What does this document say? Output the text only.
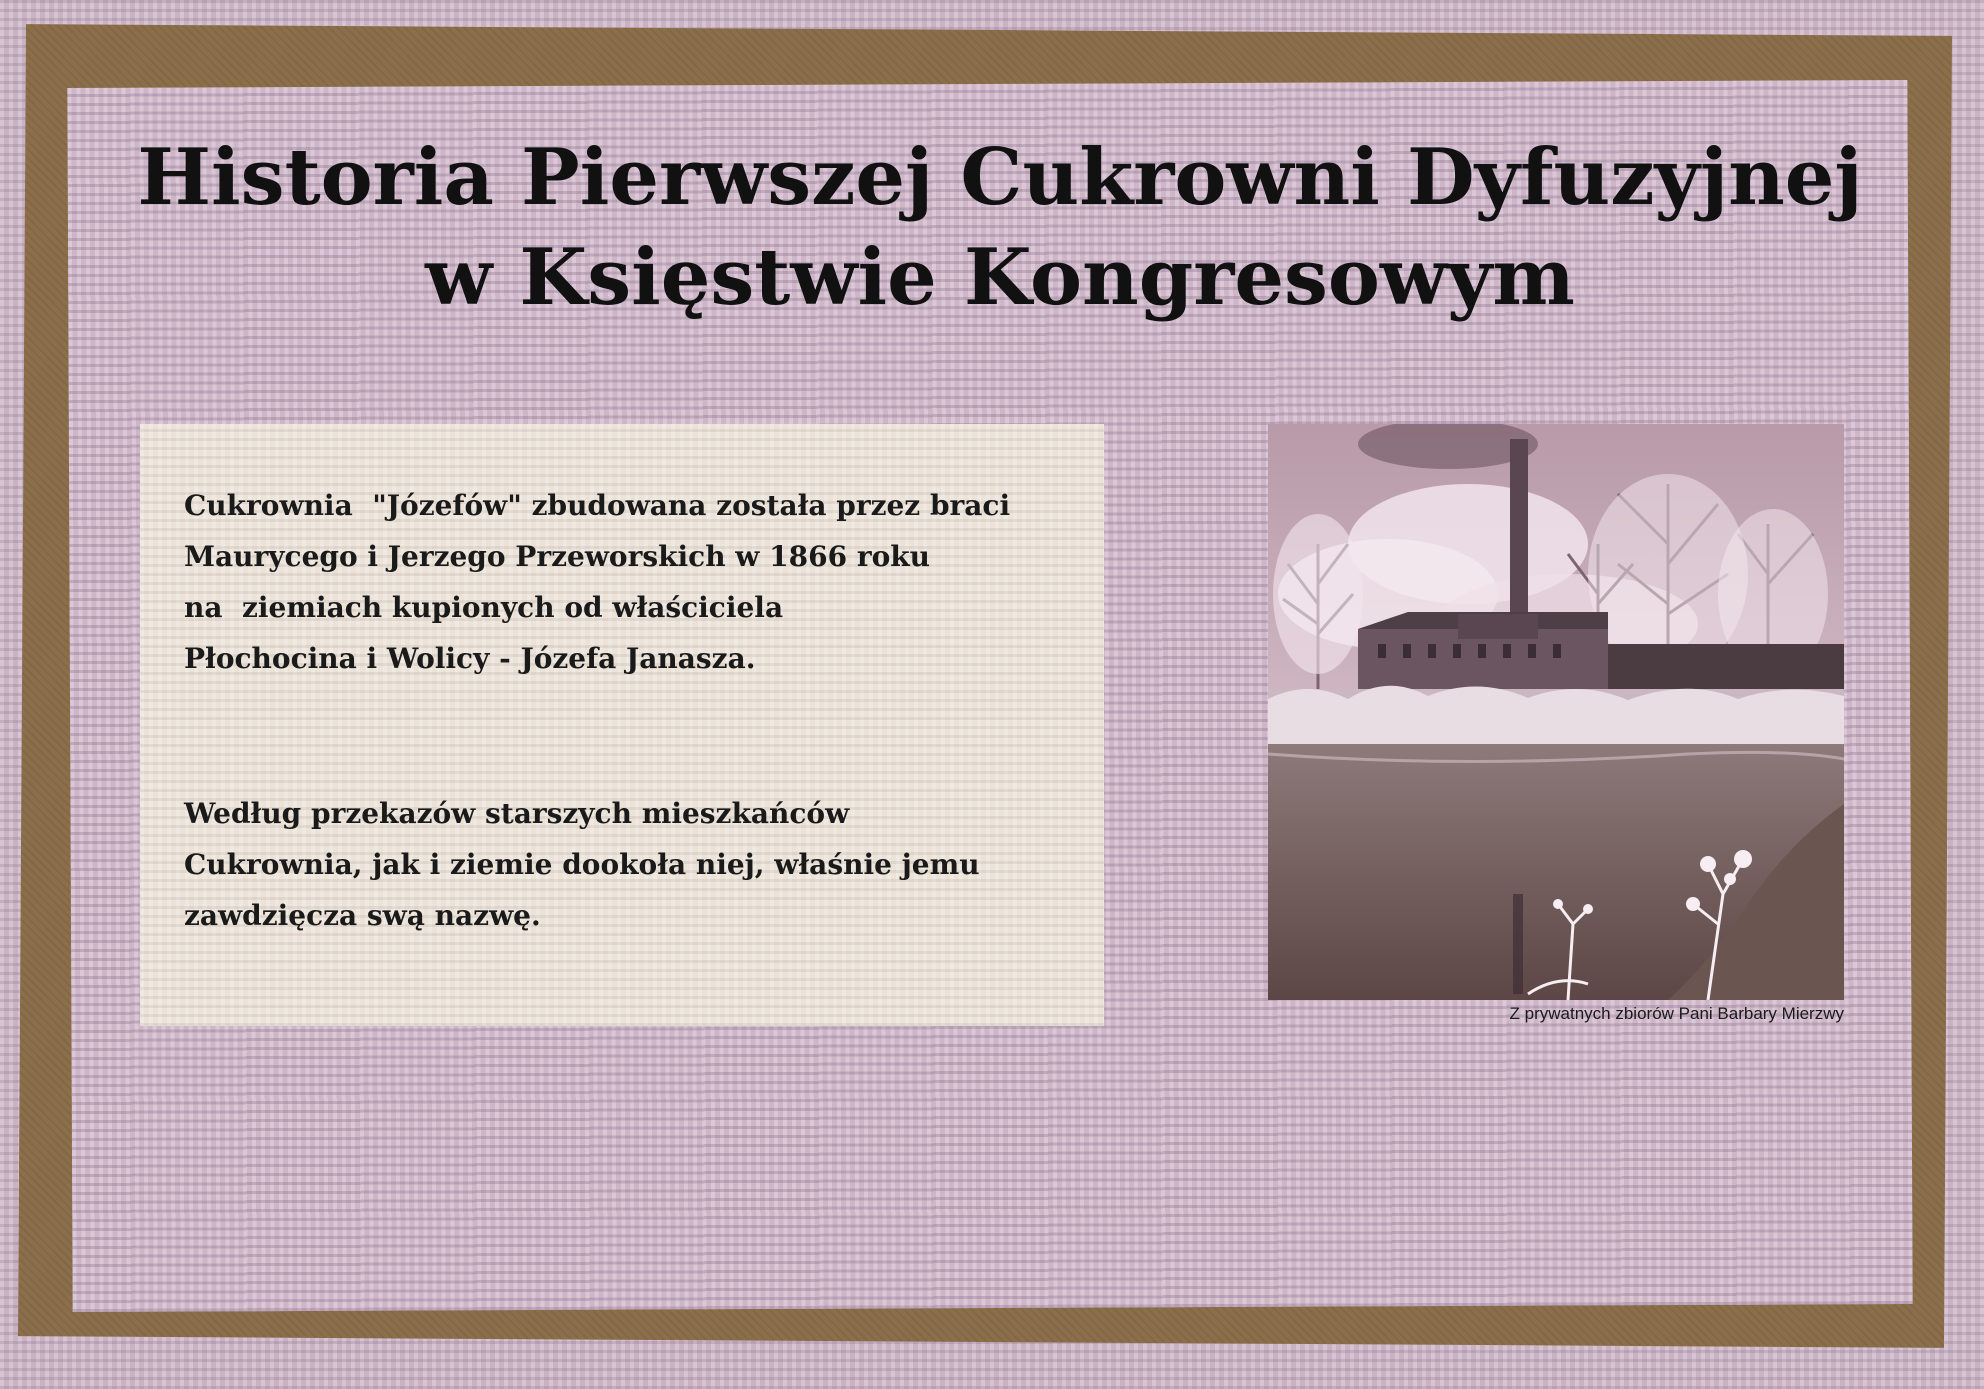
Historia Pierwszej Cukrowni Dyfuzyjnej
w Księstwie Kongresowym

Cukrownia  "Józefów" zbudowana została przez braci
Maurycego i Jerzego Przeworskich w 1866 roku
na  ziemiach kupionych od właściciela
Płochocina i Wolicy - Józefa Janasza.

Według przekazów starszych mieszkańców
Cukrownia, jak i ziemie dookoła niej, właśnie jemu
zawdzięcza swą nazwę.

Z prywatnych zbiorów Pani Barbary Mierzwy
